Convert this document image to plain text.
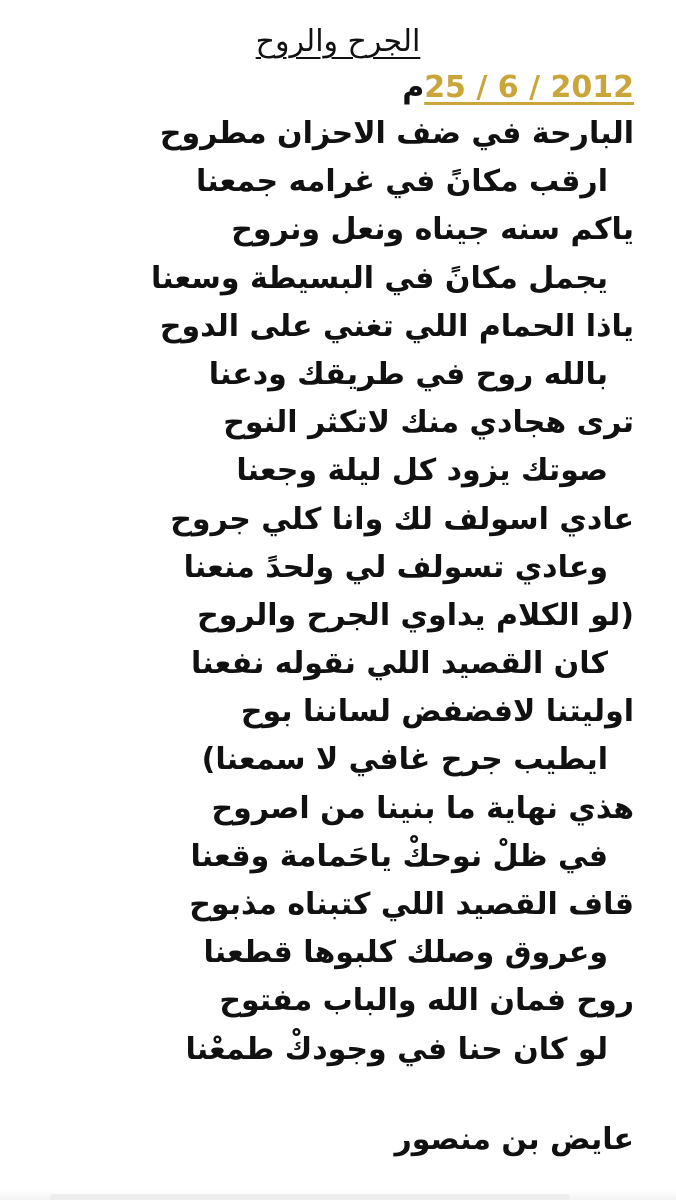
الجرح والروح
25 / 6 / 2012م
البارحة في ضف الاحزان مطروح
ارقب مكانً في غرامه جمعنا
ياكم سنه جيناه ونعل ونروح
يجمل مكانً في البسيطة وسعنا
ياذا الحمام اللي تغني على الدوح
بالله روح في طريقك ودعنا
ترى هجادي منك لاتكثر النوح
صوتك يزود كل ليلة وجعنا
عادي اسولف لك وانا كلي جروح
وعادي تسولف لي ولحدً منعنا
(لو الكلام يداوي الجرح والروح
كان القصيد اللي نقوله نفعنا
اوليتنا لافضفض لساننا بوح
ايطيب جرح غافي لا سمعنا)
هذي نهاية ما بنينا من اصروح
في ظلْ نوحكْ ياحَمامة وقعنا
قاف القصيد اللي كتبناه مذبوح
وعروق وصلك كلبوها قطعنا
روح فمان الله والباب مفتوح
لو كان حنا في وجودكْ طمعْنا
عايض بن منصور
